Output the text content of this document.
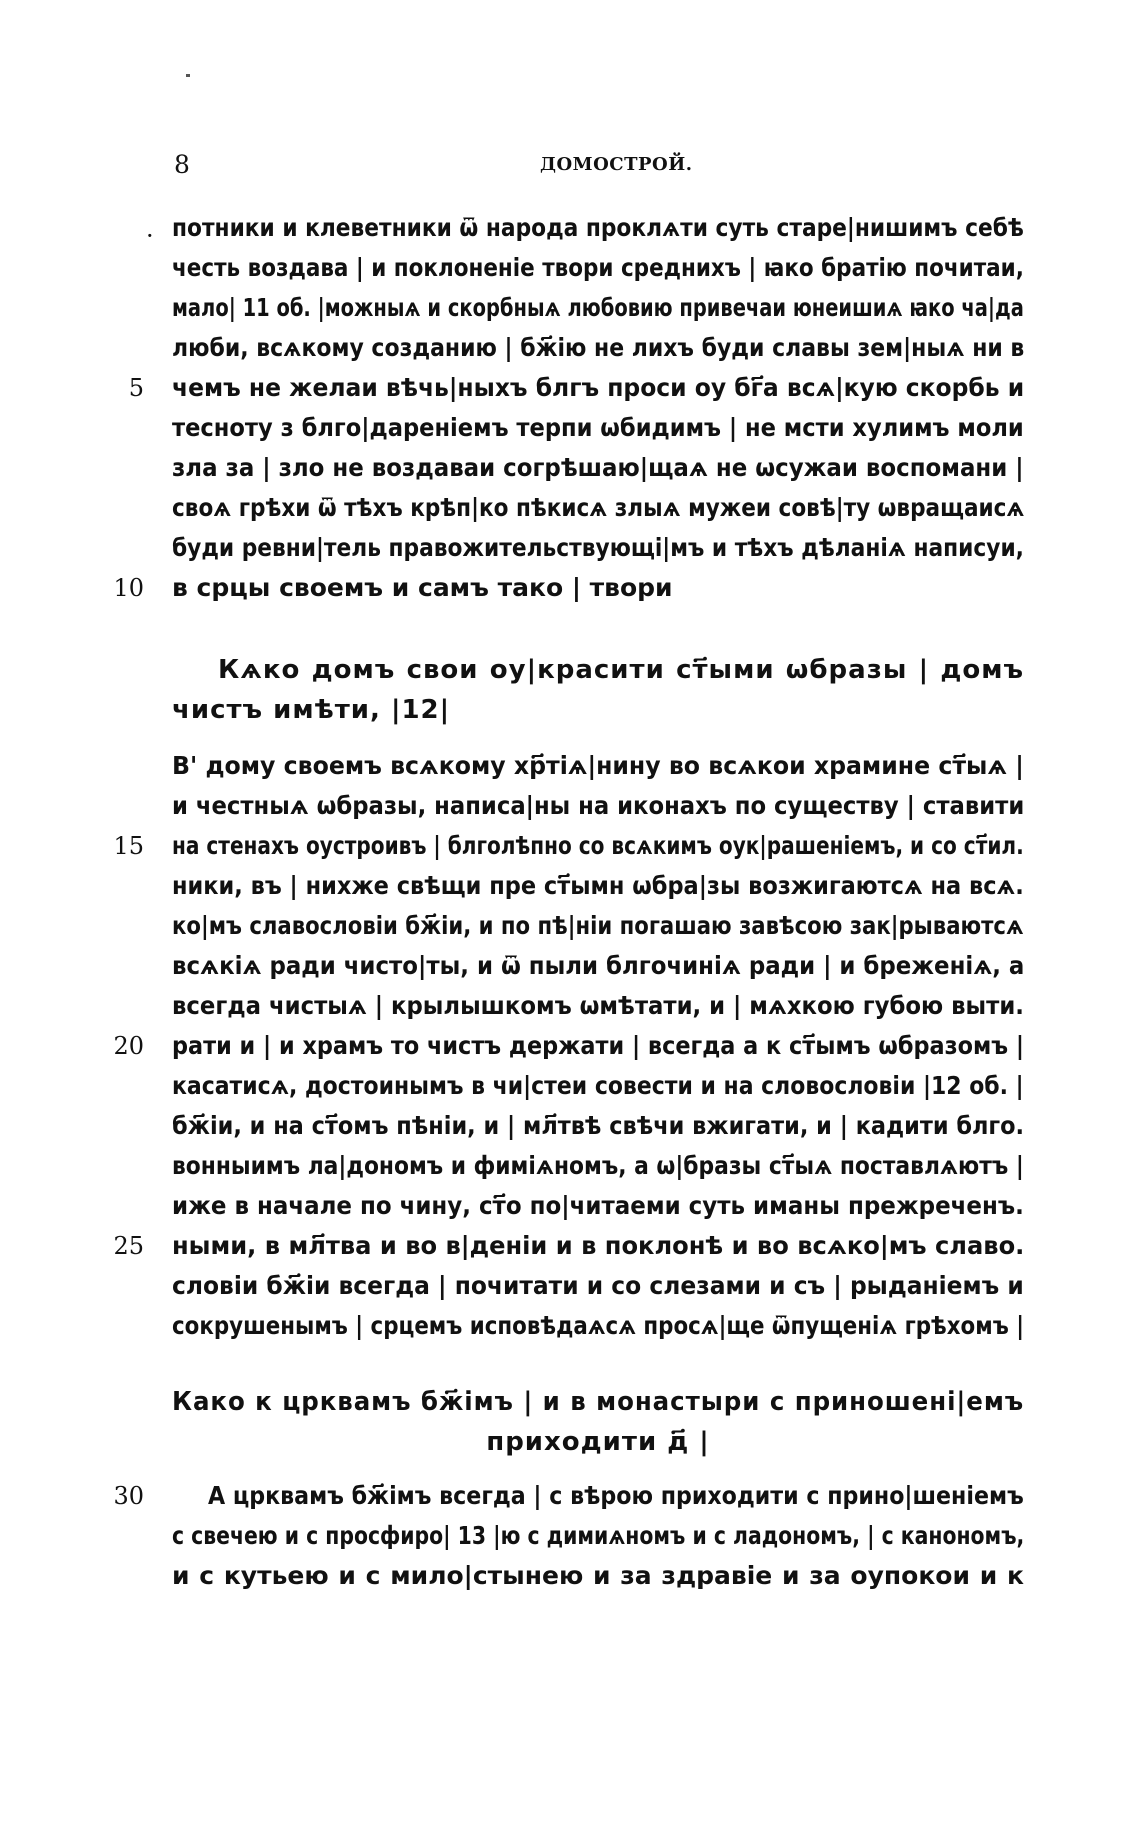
8	ДОМОСТРОЙ.
· потники и клеветники ѿ народа проклѧти суть старе|нишимъ себѣ
честь воздава | и поклоненіе твори среднихъ | ꙗко братію почитаи,
мало| 11 об. |можныѧ и скорбныѧ любовию привечаи юнеишиѧ ꙗко ча|да
люби, всѧкому созданию | бж҃ію не лихъ буди славы зем|ныѧ ни в
чемъ не желаи вѣчь|ныхъ блгъ проси оу бг҃а всѧ|кую скорбь и
тесноту з блго|дареніемъ терпи ѡбидимъ | не мсти хулимъ моли
зла за | зло не воздаваи согрѣшаю|щаѧ не ѡсужаи воспомани |
своѧ грѣхи ѿ тѣхъ крѣп|ко пѣкисѧ злыѧ мужеи совѣ|ту ѡвращаисѧ
буди ревни|тель правожительствующі|мъ и тѣхъ дѣланіѧ написуи,
в срцы своемъ и самъ тако | твори
Кѧко домъ свои оу|красити ст҃ыми ѡбразы | домъ
чистъ имѣти, |12|
В' дому своемъ всѧкому хр҃тіѧ|нину во всѧкои храмине ст҃ыѧ |
и честныѧ ѡбразы, написа|ны на иконахъ по существу | ставити
на стенахъ оустроивъ | блголѣпно со всѧкимъ оук|рашеніемъ, и со ст҃ил.
ники, въ | нихже свѣщи пре ст҃ымн ѡбра|зы возжигаютсѧ на всѧ.
ко|мъ славословіи бж҃іи, и по пѣ|ніи погашаю завѣсою зак|рываютсѧ
всѧкіѧ ради чисто|ты, и ѿ пыли блгочиніѧ ради | и бреженіѧ, а
всегда чистыѧ | крылышкомъ ѡмѣтати, и | мѧхкою губою выти.
рати и | и храмъ то чистъ держати | всегда а к ст҃ымъ ѡбразомъ |
касатисѧ, достоинымъ в чи|стеи совести и на словословіи |12 об. |
бж҃іи, и на ст҃омъ пѣніи, и | мл҃твѣ свѣчи вжигати, и | кадити блго.
вонныимъ ла|дономъ и фиміѧномъ, а ѡ|бразы ст҃ыѧ поставлѧютъ |
иже в начале по чину, ст҃о по|читаеми суть иманы прежреченъ.
ными, в мл҃тва и во в|деніи и в поклонѣ и во всѧко|мъ славо.
словіи бж҃іи всегда | почитати и со слезами и съ | рыданіемъ и
сокрушенымъ | срцемъ исповѣдаѧсѧ просѧ|ще ѿпущеніѧ грѣхомъ |
Како к црквамъ бж҃імъ | и в монастыри с приношені|емъ
приходити д҃ |
А црквамъ бж҃імъ всегда | с вѣрою приходити с прино|шеніемъ
с свечею и с просфиро| 13 |ю с димиѧномъ и с ладономъ, | с канономъ,
и с кутьею и с мило|стынею и за здравіе и за оупокои и к
5
10
15
20
25
30
